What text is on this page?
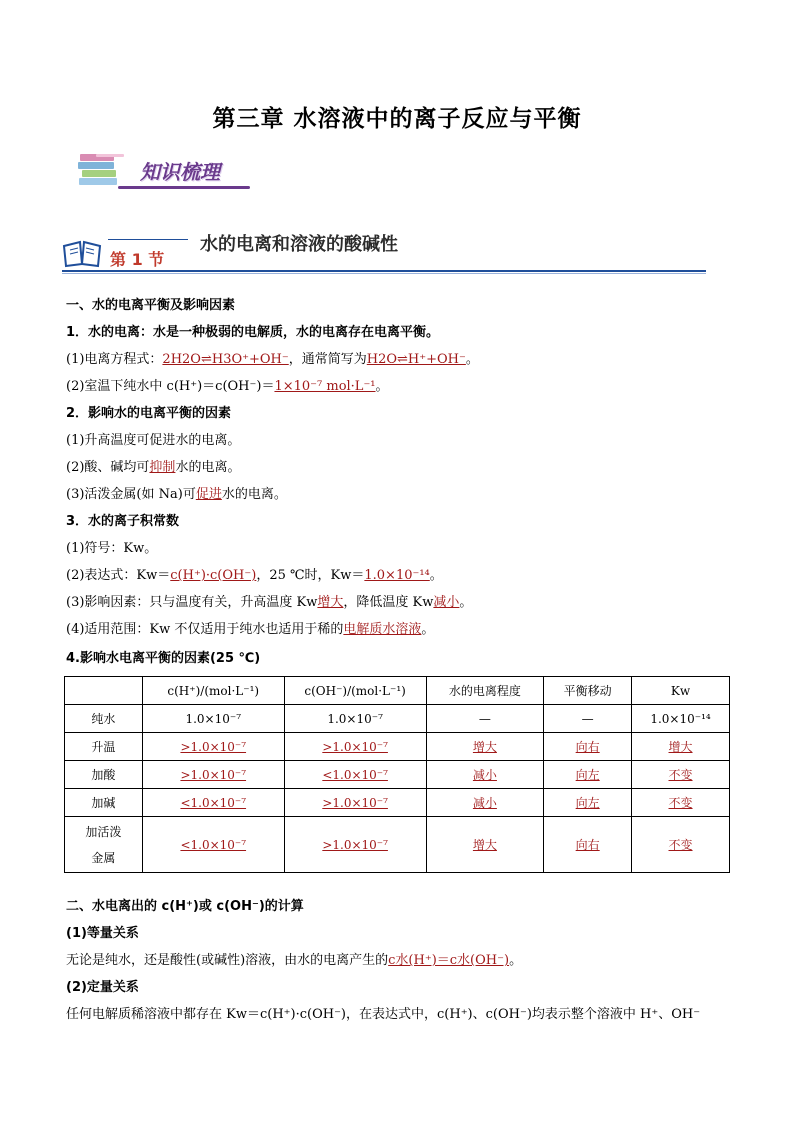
第三章 水溶液中的离子反应与平衡
知识梳理
第 1 节
水的电离和溶液的酸碱性
一、水的电离平衡及影响因素
1．水的电离：水是一种极弱的电解质，水的电离存在电离平衡。
(1)电离方程式：2H2O⇌H3O⁺+OH⁻，通常简写为H2O⇌H⁺+OH⁻。
(2)室温下纯水中 c(H⁺)＝c(OH⁻)＝1×10⁻⁷ mol·L⁻¹。
2．影响水的电离平衡的因素
(1)升高温度可促进水的电离。
(2)酸、碱均可抑制水的电离。
(3)活泼金属(如 Na)可促进水的电离。
3．水的离子积常数
(1)符号：Kw。
(2)表达式：Kw＝c(H⁺)·c(OH⁻)，25 ℃时，Kw＝1.0×10⁻¹⁴。
(3)影响因素：只与温度有关，升高温度 Kw增大，降低温度 Kw减小。
(4)适用范围：Kw 不仅适用于纯水也适用于稀的电解质水溶液。
4.影响水电离平衡的因素(25 ℃)
	c(H⁺)/(mol·L⁻¹)	c(OH⁻)/(mol·L⁻¹)	水的电离程度	平衡移动	Kw
纯水	1.0×10⁻⁷	1.0×10⁻⁷	—	—	1.0×10⁻¹⁴
升温	>1.0×10⁻⁷	>1.0×10⁻⁷	增大	向右	增大
加酸	>1.0×10⁻⁷	<1.0×10⁻⁷	减小	向左	不变
加碱	<1.0×10⁻⁷	>1.0×10⁻⁷	减小	向左	不变
加活泼
金属	<1.0×10⁻⁷	>1.0×10⁻⁷	增大	向右	不变
二、水电离出的 c(H⁺)或 c(OH⁻)的计算
(1)等量关系
无论是纯水，还是酸性(或碱性)溶液，由水的电离产生的c水(H⁺)＝c水(OH⁻)。
(2)定量关系
任何电解质稀溶液中都存在 Kw＝c(H⁺)·c(OH⁻)，在表达式中，c(H⁺)、c(OH⁻)均表示整个溶液中 H⁺、OH⁻
